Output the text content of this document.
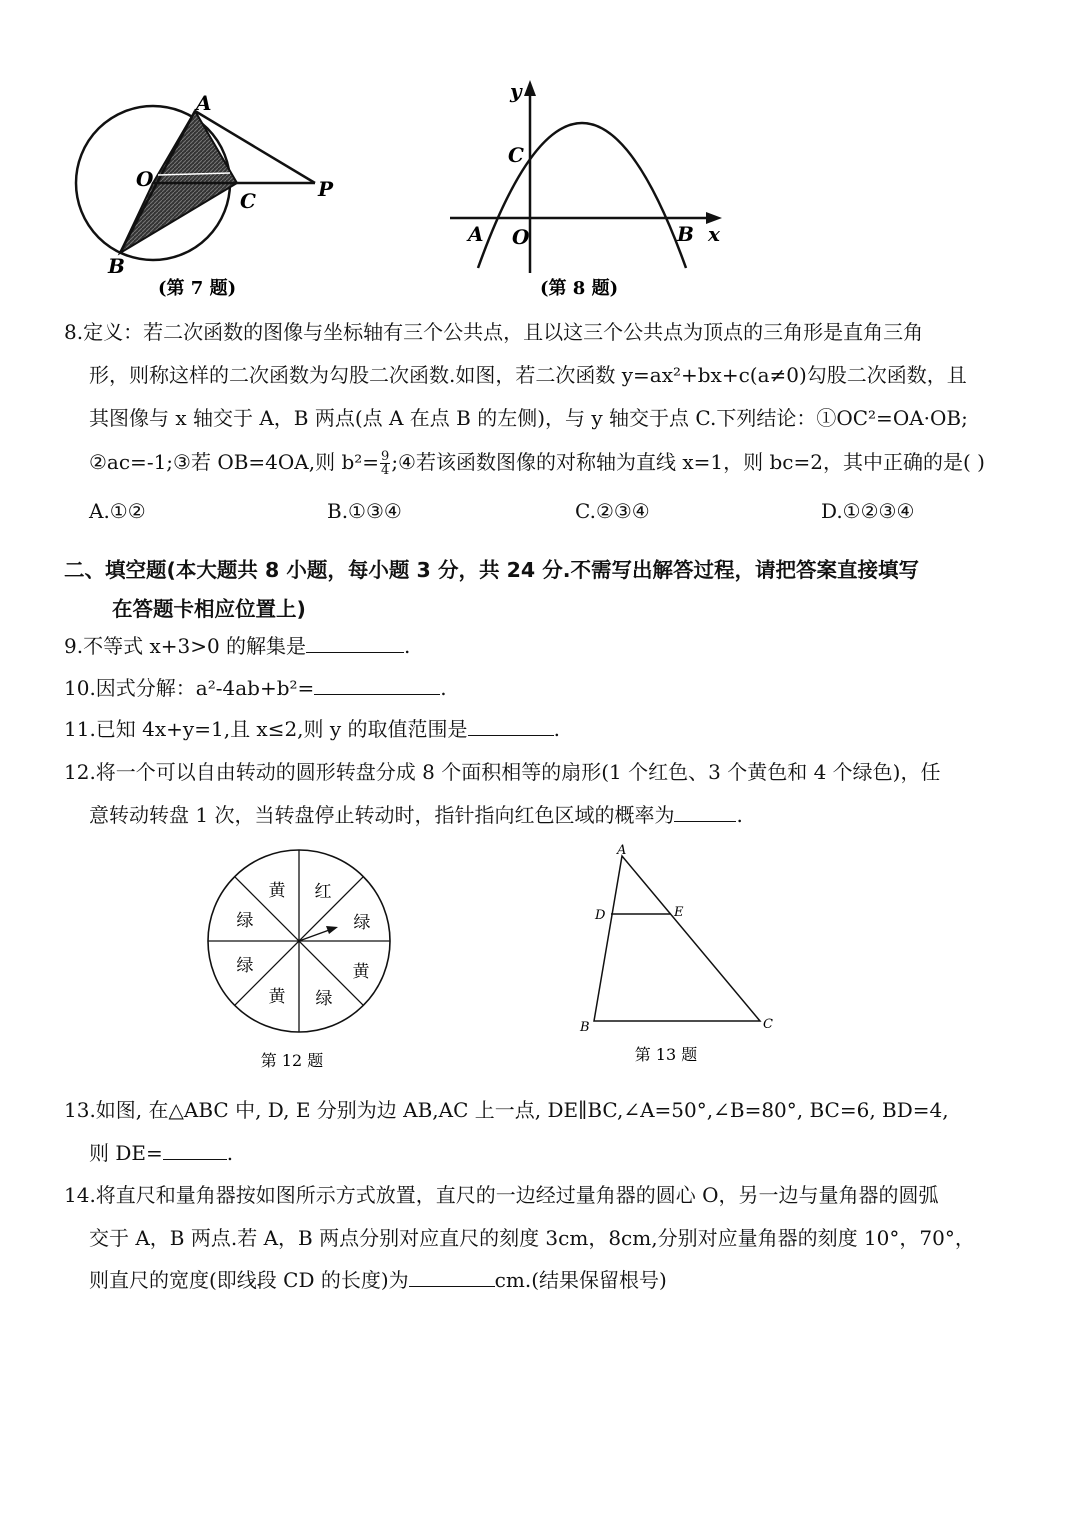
A
O
C	P
B
(第 7 题)
y
x
C
A O	B
(第 8 题)
8.定义：若二次函数的图像与坐标轴有三个公共点，且以这三个公共点为顶点的三角形是直角三角
形，则称这样的二次函数为勾股二次函数.如图，若二次函数 y=ax²+bx+c(a≠0)勾股二次函数，且
其图像与 x 轴交于 A，B 两点(点 A 在点 B 的左侧)，与 y 轴交于点 C.下列结论：①OC²=OA·OB;
②ac=-1;③若 OB=4OA,则 $b^2= \frac{9}{4}$ ;④若该函数图像的对称轴为直线 x=1，则 bc=2，其中正确的是( )
A.①②	B.①③④	C.②③④	D.①②③④
二、填空题(本大题共 8 小题，每小题 3 分，共 24 分.不需写出解答过程，请把答案直接填写
在答题卡相应位置上)
9.不等式 x+3>0 的解集是	.
10.因式分解：a²-4ab+b²=	.
11.已知 4x+y=1,且 x≤2,则 y 的取值范围是	.
12.将一个可以自由转动的圆形转盘分成 8 个面积相等的扇形(1 个红色、3 个黄色和 4 个绿色)，任
意转动转盘 1 次，当转盘停止转动时，指针指向红色区域的概率为	.
黄 红
绿
黄
绿
黄
绿
绿
第 12 题
A
D	E
B	C
第 13 题
13.如图, 在△ABC 中, D, E 分别为边 AB,AC 上一点, DE∥BC,∠A=50°,∠B=80°, BC=6, BD=4,
则 DE=	.
14.将直尺和量角器按如图所示方式放置，直尺的一边经过量角器的圆心 O，另一边与量角器的圆弧
交于 A，B 两点.若 A，B 两点分别对应直尺的刻度 3cm，8cm,分别对应量角器的刻度 10°，70°，
则直尺的宽度(即线段 CD 的长度)为	cm.(结果保留根号)
